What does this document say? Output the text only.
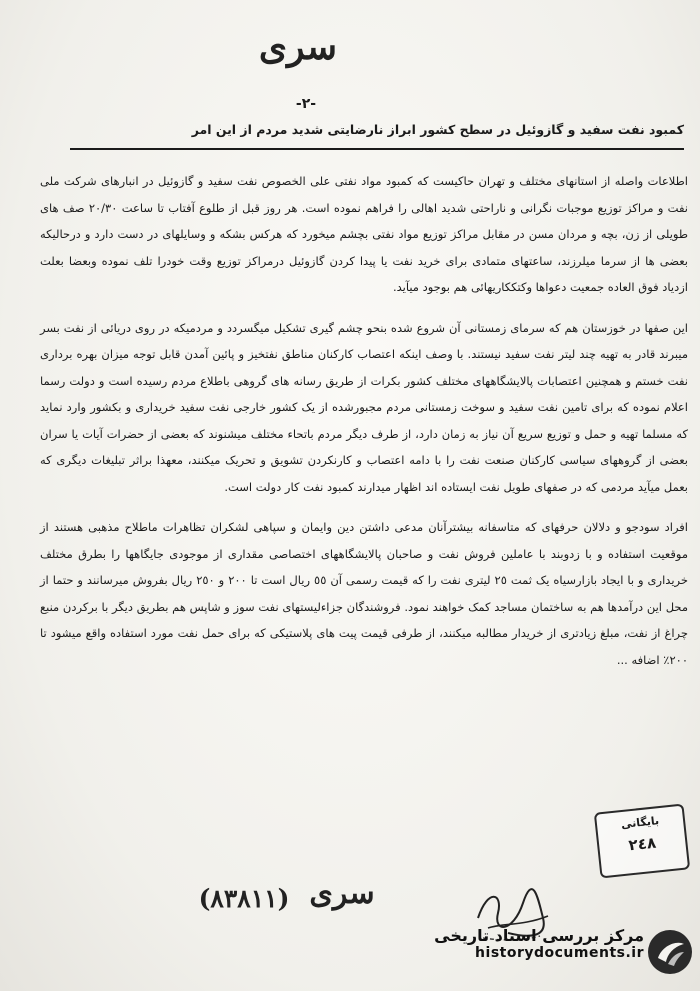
سری
-٢-
کمبود نفت سفید و گازوئیل در سطح کشور ابراز نارضایتی شدید مردم از این امر

اطلاعات واصله از استانهای مختلف و تهران حاکیست که کمبود مواد نفتی علی الخصوص نفت سفید و گازوئیل در انبارهای شرکت ملی نفت و مراکز توزیع موجبات نگرانی و ناراحتی شدید اهالی را فراهم نموده است. هر روز قبل از طلوع آفتاب تا ساعت ٢٠/٣٠ صف های طویلی از زن، بچه و مردان مسن در مقابل مراکز توزیع مواد نفتی بچشم میخورد که هرکس بشکه و وسایلهای در دست دارد و درحالیکه بعضی ها از سرما میلرزند، ساعتهای متمادی برای خرید نفت یا پیدا کردن گازوئیل درمراکز توزیع وقت خودرا تلف نموده وبعضا بعلت ازدیاد فوق العاده جمعیت دعواها وکتککاریهائی هم بوجود میآید.

این صفها در خوزستان هم که سرمای زمستانی آن شروع شده بنحو چشم گیری تشکیل میگسردد و مردمیکه در روی دریائی از نفت بسر میبرند قادر به تهیه چند لیتر نفت سفید نیستند. با وصف اینکه اعتصاب کارکنان مناطق نفتخیز و پائین آمدن قابل توجه میزان بهره برداری نفت خستم و همچنین اعتصابات پالایشگاههای مختلف کشور بکرات از طریق رسانه های گروهی باطلاع مردم رسیده است و دولت رسما اعلام نموده که برای تامین نفت سفید و سوخت زمستانی مردم مجبورشده از یک کشور خارجی نفت سفید خریداری و بکشور وارد نماید که مسلما تهیه و حمل و توزیع سریع آن نیاز به زمان دارد، از طرف دیگر مردم باتحاء مختلف میشنوند که بعضی از حضرات آیات یا سران بعضی از گروههای سیاسی کارکنان صنعت نفت را با دامه اعتصاب و کارنکردن تشویق و تحریک میکنند، معهذا براثر تبلیغات دیگری که بعمل میآید مردمی که در صفهای طویل نفت ایستاده اند اظهار میدارند کمبود نفت کار دولت است.

افراد سودجو و دلالان حرفهای که متاسفانه بیشترآنان مدعی داشتن دین وایمان و سپاهی لشکران تظاهرات ماطلاح مذهبی هستند از موقعیت استفاده و با زدوبند با عاملین فروش نفت و صاحبان پالایشگاههای اختصاصی مقداری از موجودی جایگاهها را بطرق مختلف خریداری و با ایجاد بازارسیاه یک ثمت ٢٥ لیتری نفت را که قیمت رسمی آن ٥٥ ریال است تا ٢٠٠ و ٢٥٠ ریال بفروش میرسانند و حتما از محل این درآمدها هم به ساختمان مساجد کمک خواهند نمود. فروشندگان جزاءلیستهای نفت سوز و شاپس هم بطریق دیگر با برکردن منبع چراغ از نفت، مبلغ زیادتری از خریدار مطالبه میکنند، از طرفی قیمت پیت های پلاستیکی که برای حمل نفت مورد استفاده واقع میشود تا ٢٠٠٪ اضافه ...

بایگانی
٢٤٨
(٨٣٨١١) سری
مرکز بررسی اسناد تاریخی
historydocuments.ir
